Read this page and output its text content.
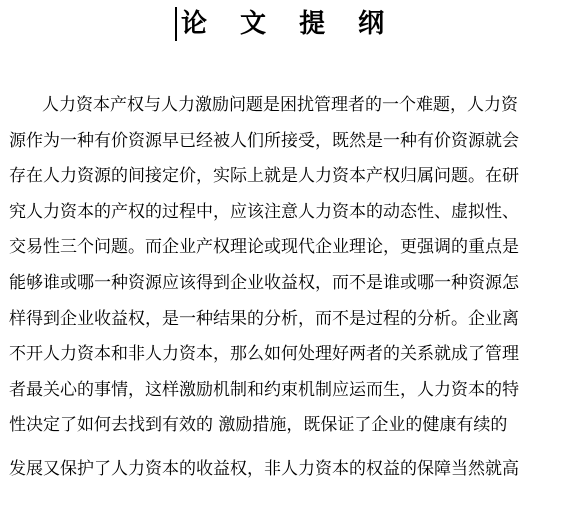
论 文 提 纲
人力资本产权与人力激励问题是困扰管理者的一个难题，人力资
源作为一种有价资源早已经被人们所接受，既然是一种有价资源就会
存在人力资源的间接定价，实际上就是人力资本产权归属问题。在研
究人力资本的产权的过程中，应该注意人力资本的动态性、虚拟性、
交易性三个问题。而企业产权理论或现代企业理论，更强调的重点是
能够谁或哪一种资源应该得到企业收益权，而不是谁或哪一种资源怎
样得到企业收益权，是一种结果的分析，而不是过程的分析。企业离
不开人力资本和非人力资本，那么如何处理好两者的关系就成了管理
者最关心的事情，这样激励机制和约束机制应运而生，人力资本的特
性决定了如何去找到有效的 激励措施，既保证了企业的健康有续的
发展又保护了人力资本的收益权，非人力资本的权益的保障当然就高
